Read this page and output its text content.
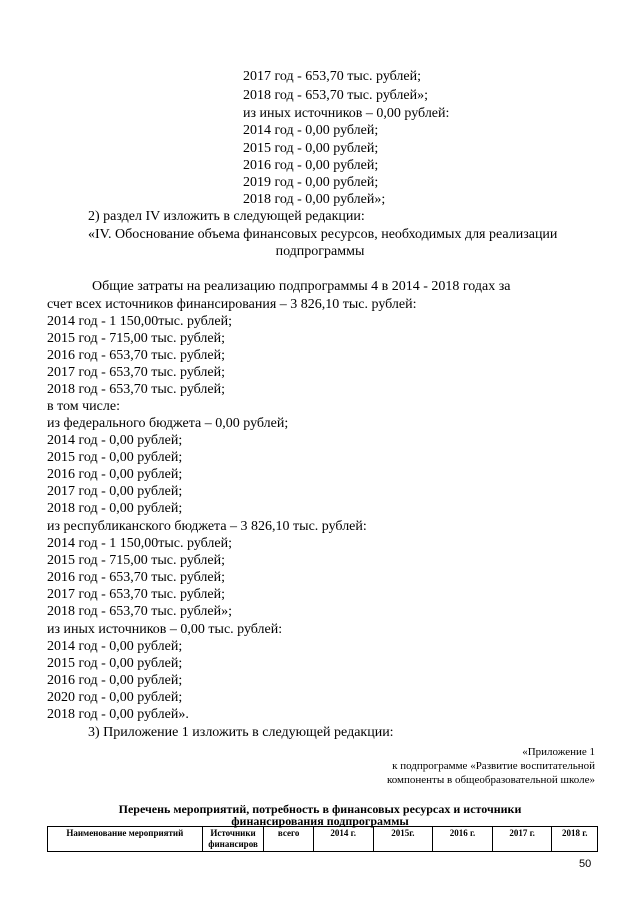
2017 год - 653,70 тыс. рублей;
2018 год - 653,70 тыс. рублей»;
из иных источников – 0,00 рублей:
2014 год - 0,00 рублей;
2015 год - 0,00 рублей;
2016 год - 0,00 рублей;
2019 год - 0,00 рублей;
2018 год - 0,00 рублей»;
2) раздел IV изложить в следующей редакции:
«IV. Обоснование объема финансовых ресурсов, необходимых для реализации
подпрограммы
Общие затраты на реализацию подпрограммы 4 в 2014 - 2018 годах за
счет всех источников финансирования – 3 826,10 тыс. рублей:
2014 год - 1 150,00тыс. рублей;
2015 год - 715,00 тыс. рублей;
2016 год - 653,70 тыс. рублей;
2017 год - 653,70 тыс. рублей;
2018 год - 653,70 тыс. рублей;
в том числе:
из федерального бюджета – 0,00 рублей;
2014 год - 0,00 рублей;
2015 год - 0,00 рублей;
2016 год - 0,00 рублей;
2017 год - 0,00 рублей;
2018 год - 0,00 рублей;
из республиканского бюджета – 3 826,10 тыс. рублей:
2014 год - 1 150,00тыс. рублей;
2015 год - 715,00 тыс. рублей;
2016 год - 653,70 тыс. рублей;
2017 год - 653,70 тыс. рублей;
2018 год - 653,70 тыс. рублей»;
из иных источников – 0,00 тыс. рублей:
2014 год - 0,00 рублей;
2015 год - 0,00 рублей;
2016 год - 0,00 рублей;
2020 год - 0,00 рублей;
2018 год - 0,00 рублей».
3) Приложение 1 изложить в следующей редакции:
«Приложение 1
к подпрограмме «Развитие воспитательной
компоненты в общеобразовательной школе»
Перечень мероприятий, потребность в финансовых ресурсах и источники
финансирования подпрограммы
Наименование мероприятий	Источники финансиров	всего	2014 г.	2015г.	2016 г.	2017 г.	2018 г.
50
